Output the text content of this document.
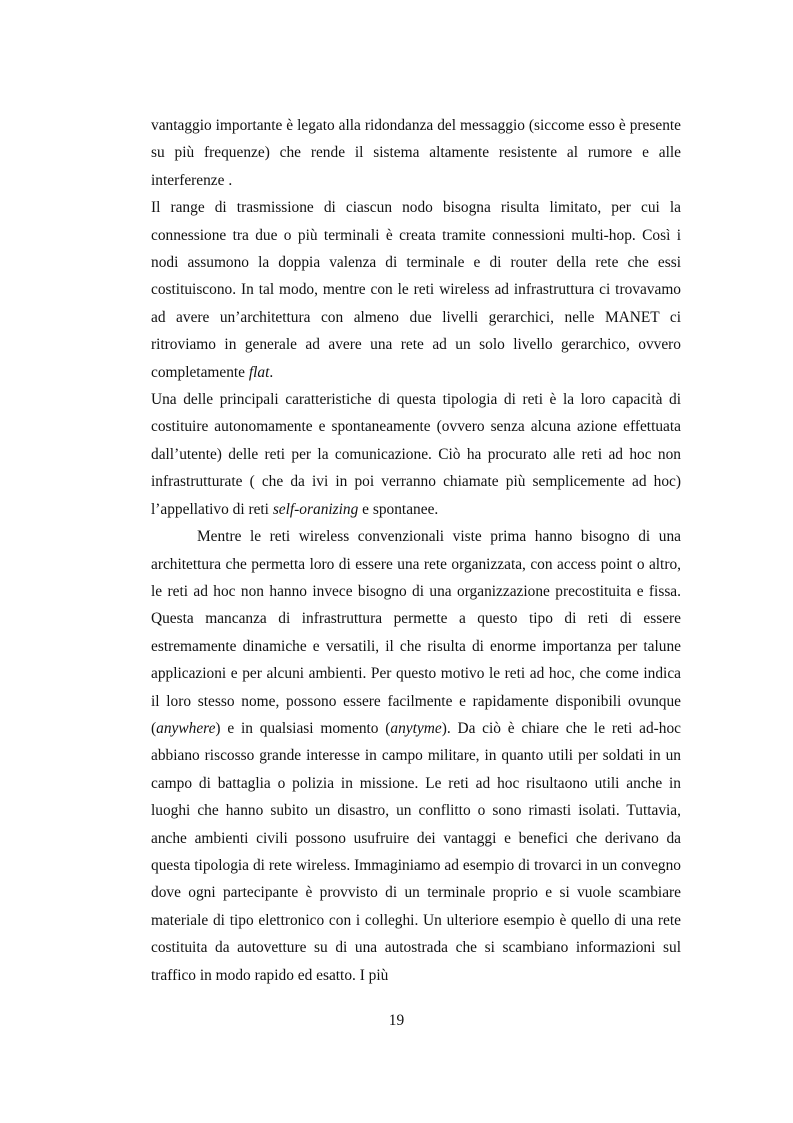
vantaggio importante è legato alla ridondanza del messaggio (siccome esso è presente su più frequenze) che rende il sistema altamente resistente al rumore e alle interferenze .

Il range di trasmissione di ciascun nodo bisogna risulta limitato, per cui la connessione tra due o più terminali è creata tramite connessioni multi-hop. Così i nodi assumono la doppia valenza di terminale e di router della rete che essi costituiscono. In tal modo, mentre con le reti wireless ad infrastruttura ci trovavamo ad avere un’architettura con almeno due livelli gerarchici, nelle MANET ci ritroviamo in generale ad avere una rete ad un solo livello gerarchico, ovvero completamente flat.

Una delle principali caratteristiche di questa tipologia di reti è la loro capacità di costituire autonomamente e spontaneamente (ovvero senza alcuna azione effettuata dall’utente) delle reti per la comunicazione. Ciò ha procurato alle reti ad hoc non infrastrutturate ( che da ivi in poi verranno chiamate più semplicemente ad hoc) l’appellativo di reti self-oranizing e spontanee.

Mentre le reti wireless convenzionali viste prima hanno bisogno di una architettura che permetta loro di essere una rete organizzata, con access point o altro, le reti ad hoc non hanno invece bisogno di una organizzazione precostituita e fissa. Questa mancanza di infrastruttura permette a questo tipo di reti di essere estremamente dinamiche e versatili, il che risulta di enorme importanza per talune applicazioni e per alcuni ambienti. Per questo motivo le reti ad hoc, che come indica il loro stesso nome, possono essere facilmente e rapidamente disponibili ovunque (anywhere) e in qualsiasi momento (anytyme). Da ciò è chiare che le reti ad-hoc abbiano riscosso grande interesse in campo militare, in quanto utili per soldati in un campo di battaglia o polizia in missione. Le reti ad hoc risultaono utili anche in luoghi che hanno subito un disastro, un conflitto o sono rimasti isolati. Tuttavia, anche ambienti civili possono usufruire dei vantaggi e benefici che derivano da questa tipologia di rete wireless. Immaginiamo ad esempio di trovarci in un convegno dove ogni partecipante è provvisto di un terminale proprio e si vuole scambiare materiale di tipo elettronico con i colleghi. Un ulteriore esempio è quello di una rete costituita da autovetture su di una autostrada che si scambiano informazioni sul traffico in modo rapido ed esatto. I più

19
